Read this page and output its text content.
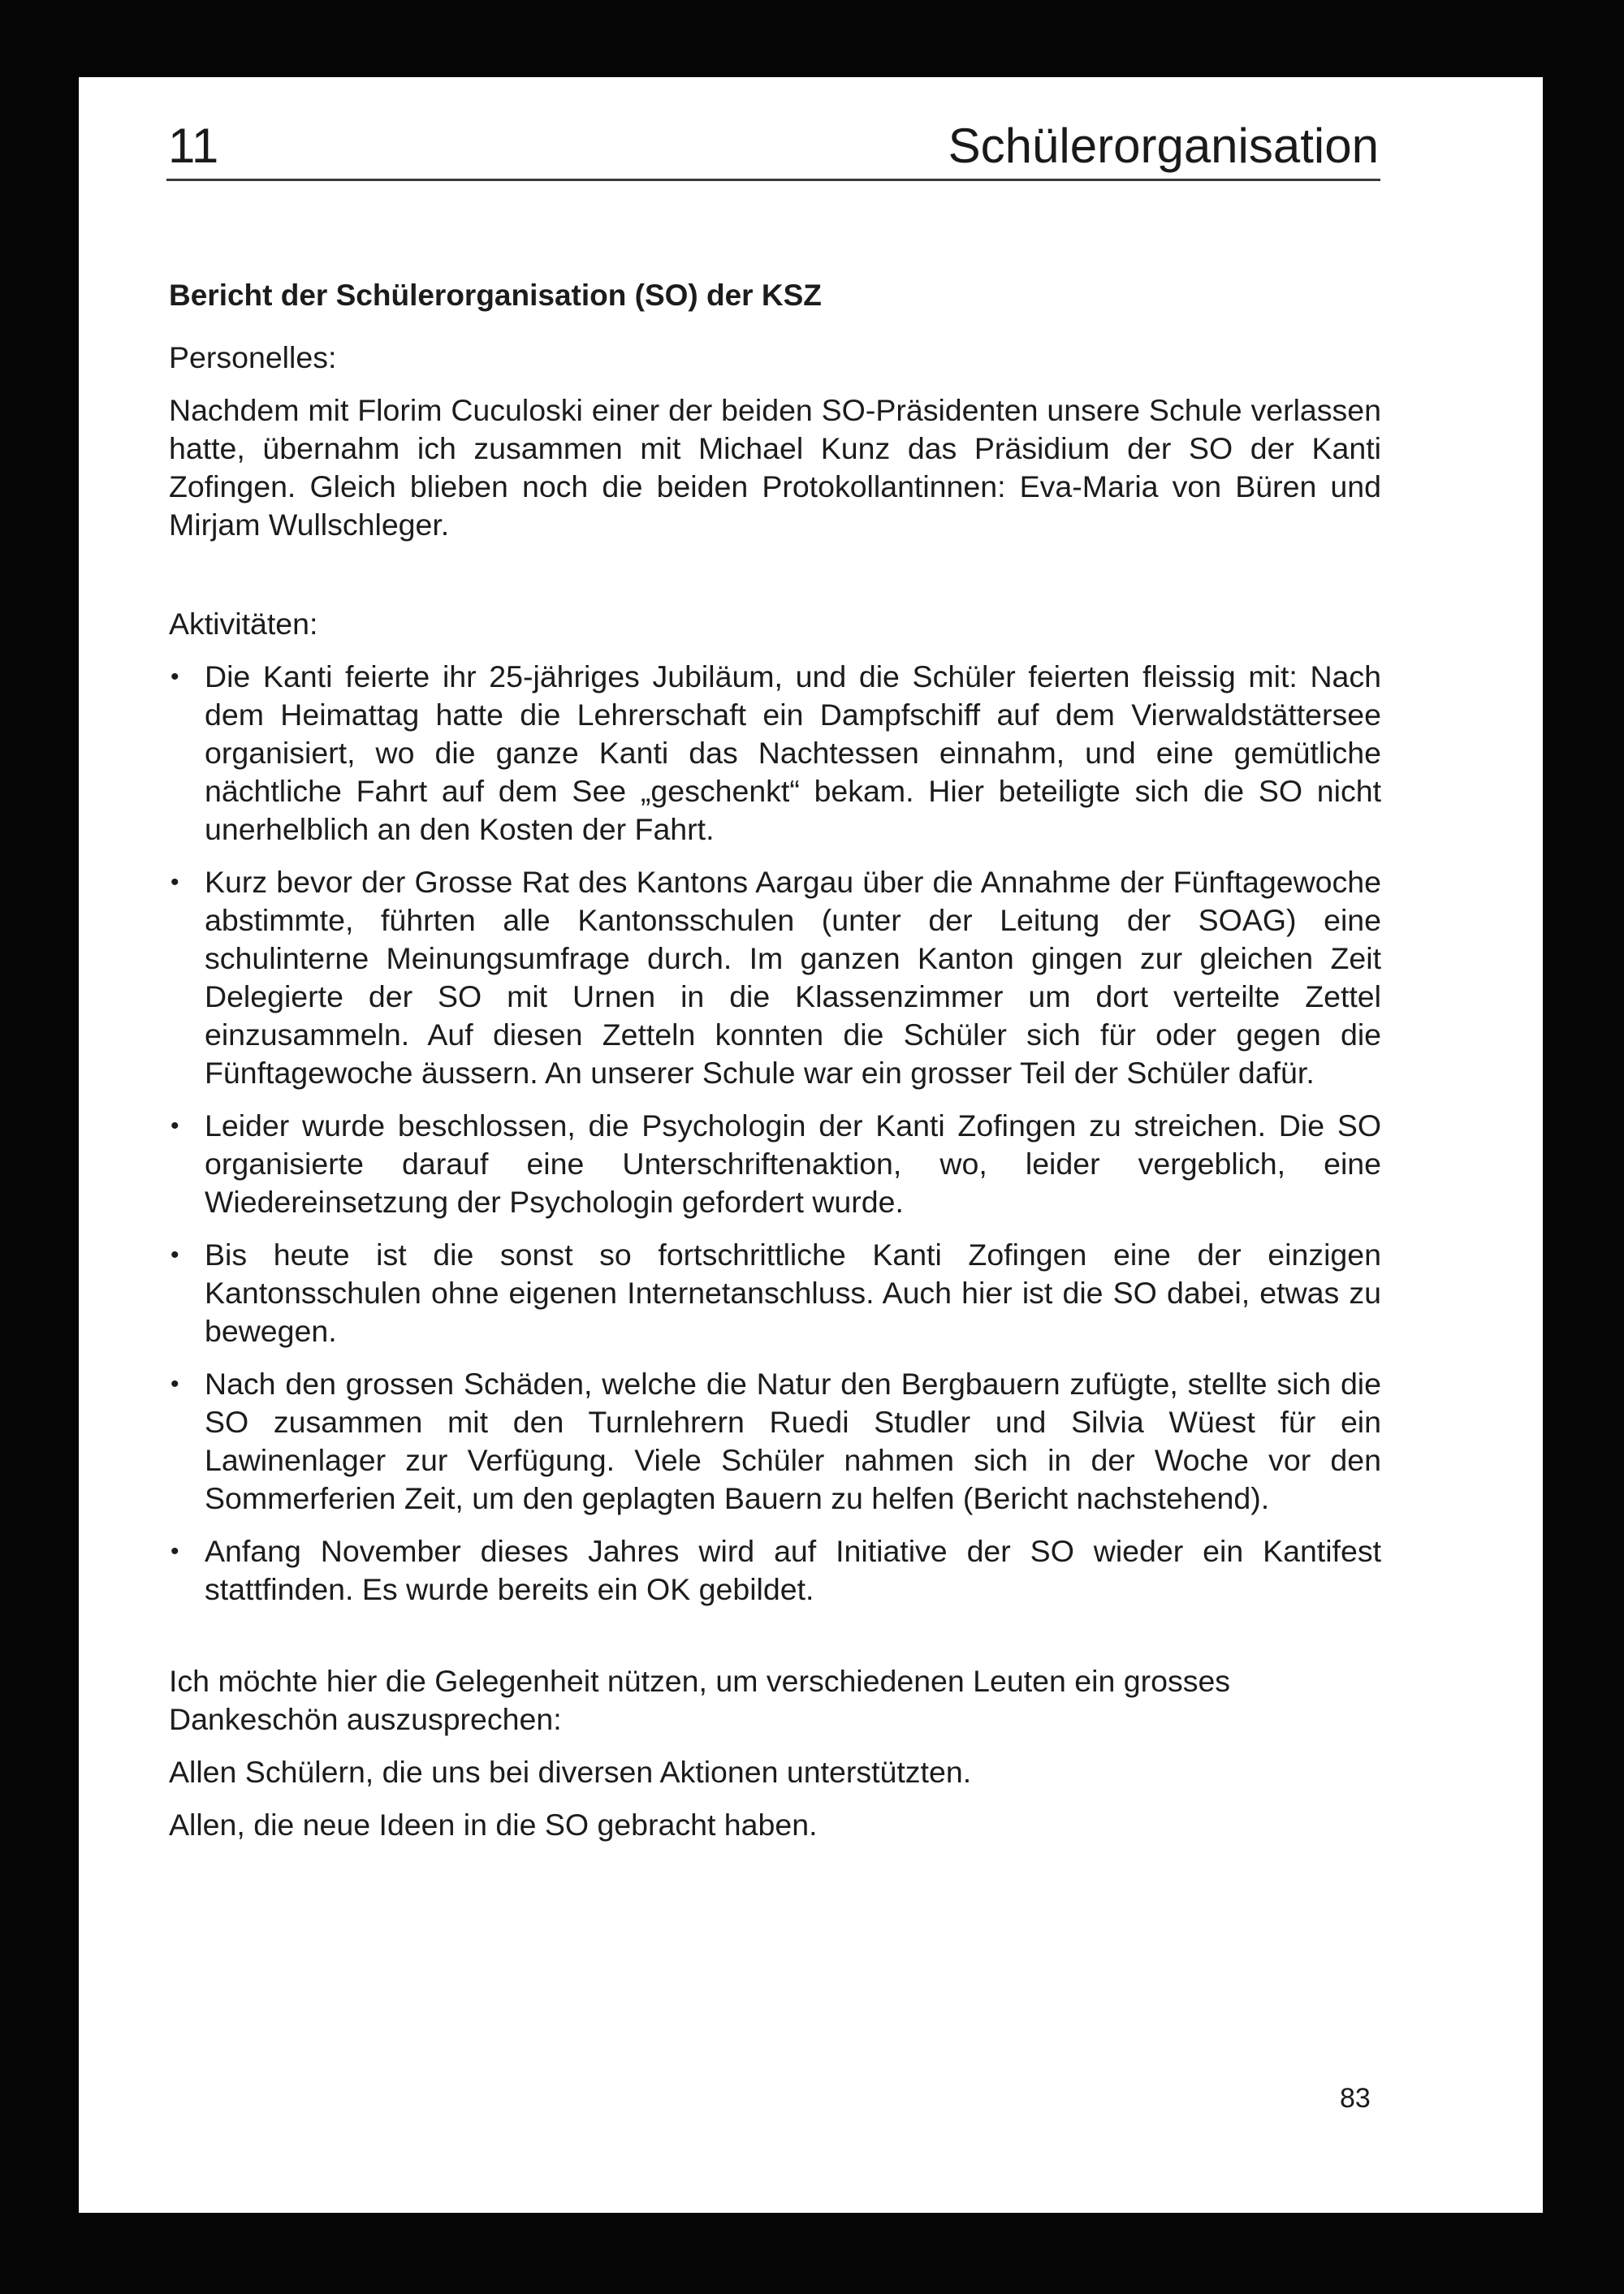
11	Schülerorganisation
Bericht der Schülerorganisation (SO) der KSZ
Personelles:

Nachdem mit Florim Cuculoski einer der beiden SO-Präsidenten unsere Schule verlassen hatte, übernahm ich zusammen mit Michael Kunz das Präsidium der SO der Kanti Zofingen. Gleich blieben noch die beiden Protokollantinnen: Eva-Maria von Büren und Mirjam Wullschleger.

Aktivitäten:
• Die Kanti feierte ihr 25-jähriges Jubiläum, und die Schüler feierten fleissig mit: Nach dem Heimattag hatte die Lehrerschaft ein Dampfschiff auf dem Vierwaldstättersee organisiert, wo die ganze Kanti das Nachtessen einnahm, und eine gemütliche nächtliche Fahrt auf dem See „geschenkt“ bekam. Hier beteiligte sich die SO nicht unerhelblich an den Kosten der Fahrt.
• Kurz bevor der Grosse Rat des Kantons Aargau über die Annahme der Fünftagewoche abstimmte, führten alle Kantonsschulen (unter der Leitung der SOAG) eine schulinterne Meinungsumfrage durch. Im ganzen Kanton gingen zur gleichen Zeit Delegierte der SO mit Urnen in die Klassenzimmer um dort verteilte Zettel einzusammeln. Auf diesen Zetteln konnten die Schüler sich für oder gegen die Fünftagewoche äussern. An unserer Schule war ein grosser Teil der Schüler dafür.
• Leider wurde beschlossen, die Psychologin der Kanti Zofingen zu streichen. Die SO organisierte darauf eine Unterschriftenaktion, wo, leider vergeblich, eine Wiedereinsetzung der Psychologin gefordert wurde.
• Bis heute ist die sonst so fortschrittliche Kanti Zofingen eine der einzigen Kantonsschulen ohne eigenen Internetanschluss. Auch hier ist die SO dabei, etwas zu bewegen.
• Nach den grossen Schäden, welche die Natur den Bergbauern zufügte, stellte sich die SO zusammen mit den Turnlehrern Ruedi Studler und Silvia Wüest für ein Lawinenlager zur Verfügung. Viele Schüler nahmen sich in der Woche vor den Sommerferien Zeit, um den geplagten Bauern zu helfen (Bericht nachstehend).
• Anfang November dieses Jahres wird auf Initiative der SO wieder ein Kantifest stattfinden. Es wurde bereits ein OK gebildet.

Ich möchte hier die Gelegenheit nützen, um verschiedenen Leuten ein grosses Dankeschön auszusprechen:

Allen Schülern, die uns bei diversen Aktionen unterstützten.

Allen, die neue Ideen in die SO gebracht haben.

83
